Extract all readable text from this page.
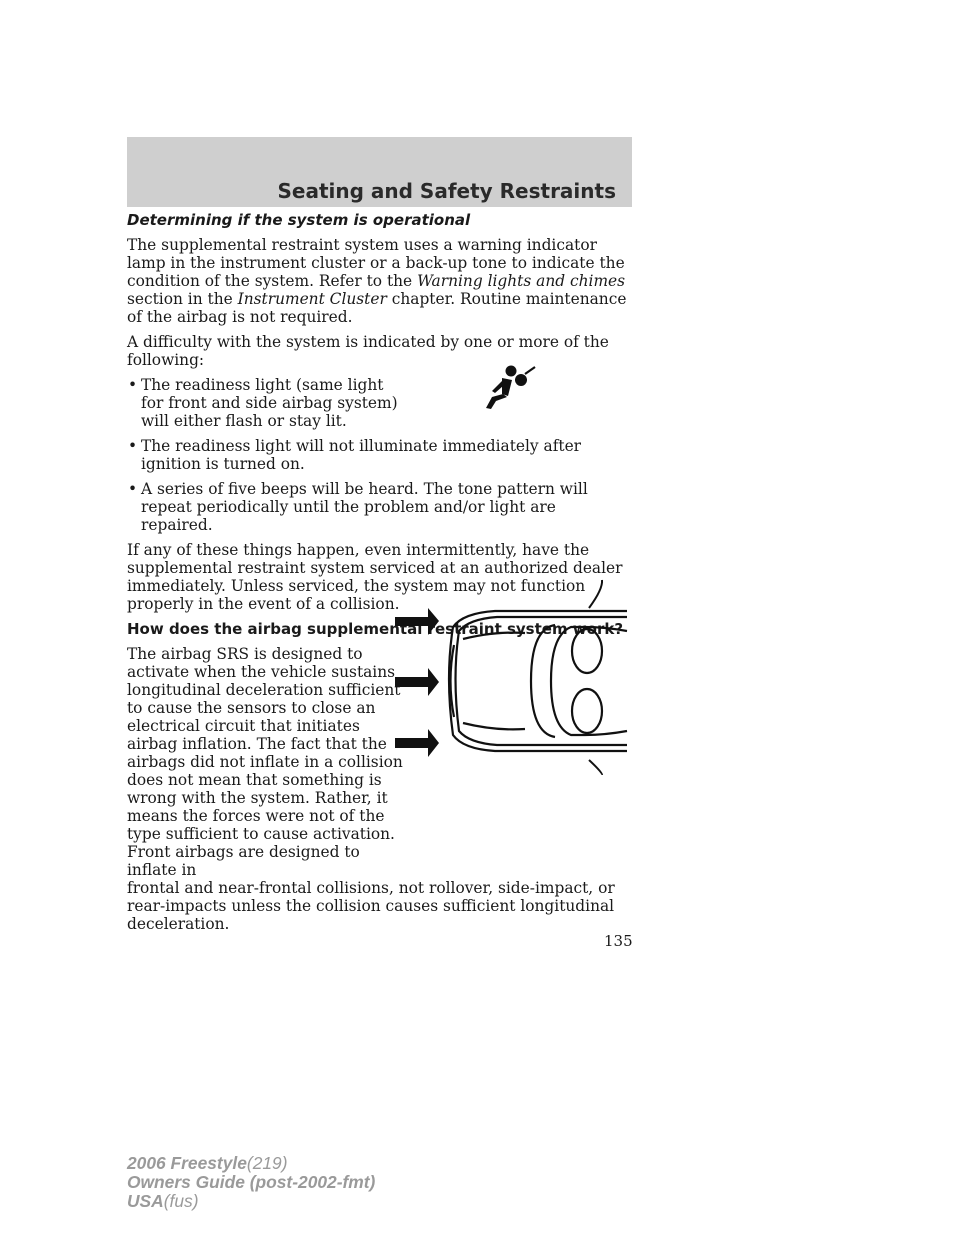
Seating and Safety Restraints
Determining if the system is operational

The supplemental restraint system uses a warning indicator lamp in the instrument cluster or a back-up tone to indicate the condition of the system. Refer to the Warning lights and chimes section in the Instrument Cluster chapter. Routine maintenance of the airbag is not required.

A difficulty with the system is indicated by one or more of the following:

• The readiness light (same light for front and side airbag system) will either flash or stay lit.
• The readiness light will not illuminate immediately after ignition is turned on.
• A series of five beeps will be heard. The tone pattern will repeat periodically until the problem and/or light are repaired.

If any of these things happen, even intermittently, have the supplemental restraint system serviced at an authorized dealer immediately. Unless serviced, the system may not function properly in the event of a collision.

How does the airbag supplemental restraint system work?
The airbag SRS is designed to activate when the vehicle sustains longitudinal deceleration sufficient to cause the sensors to close an electrical circuit that initiates airbag inflation. The fact that the airbags did not inflate in a collision does not mean that something is wrong with the system. Rather, it means the forces were not of the type sufficient to cause activation. Front airbags are designed to inflate in

frontal and near-frontal collisions, not rollover, side-impact, or rear-impacts unless the collision causes sufficient longitudinal deceleration.

135
2006 Freestyle(219)
Owners Guide (post-2002-fmt)
USA(fus)
